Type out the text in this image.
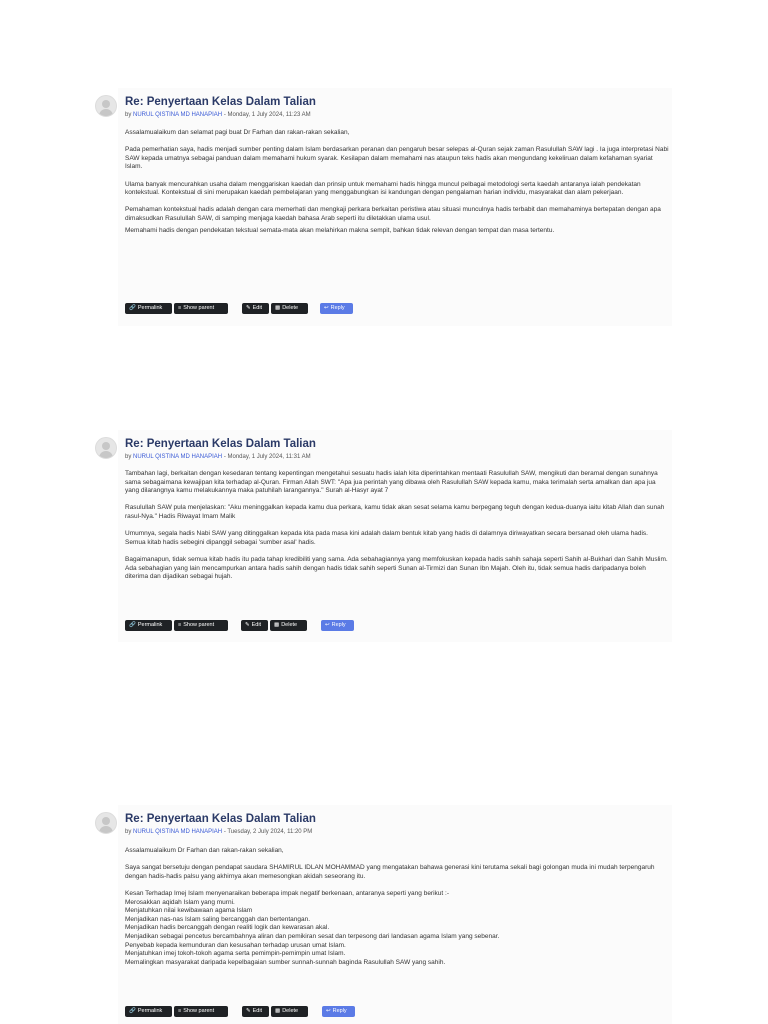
Re: Penyertaan Kelas Dalam Talian
by NURUL QISTINA MD HANAPIAH - Monday, 1 July 2024, 11:23 AM

Assalamualaikum dan selamat pagi buat Dr Farhan dan rakan-rakan sekalian,

Pada pemerhatian saya, hadis menjadi sumber penting dalam Islam berdasarkan peranan dan pengaruh besar selepas al-Quran sejak zaman Rasulullah SAW lagi . Ia juga interpretasi Nabi SAW kepada umatnya sebagai panduan dalam memahami hukum syarak. Kesilapan dalam memahami nas ataupun teks hadis akan mengundang kekeliruan dalam kefahaman syariat Islam.

Ulama banyak mencurahkan usaha dalam menggariskan kaedah dan prinsip untuk memahami hadis hingga muncul pelbagai metodologi serta kaedah antaranya ialah pendekatan kontekstual. Kontekstual di sini merupakan kaedah pembelajaran yang menggabungkan isi kandungan dengan pengalaman harian individu, masyarakat dan alam pekerjaan.

Pemahaman kontekstual hadis adalah dengan cara memerhati dan mengkaji perkara berkaitan peristiwa atau situasi munculnya hadis terbabit dan memahaminya bertepatan dengan apa dimaksudkan Rasulullah SAW, di samping menjaga kaedah bahasa Arab seperti itu diletakkan ulama usul.

Memahami hadis dengan pendekatan tekstual semata-mata akan melahirkan makna sempit, bahkan tidak relevan dengan tempat dan masa tertentu.

🔗 Permalink	≡ Show parent	✎ Edit	▩ Delete	↩ Reply
Re: Penyertaan Kelas Dalam Talian
by NURUL QISTINA MD HANAPIAH - Monday, 1 July 2024, 11:31 AM

Tambahan lagi, berkaitan dengan kesedaran tentang kepentingan mengetahui sesuatu hadis ialah kita diperintahkan mentaati Rasulullah SAW, mengikuti dan beramal dengan sunahnya sama sebagaimana kewajipan kita terhadap al-Quran. Firman Allah SWT: "Apa jua perintah yang dibawa oleh Rasulullah SAW kepada kamu, maka terimalah serta amalkan dan apa jua yang dilarangnya kamu melakukannya maka patuhilah larangannya." Surah al-Hasyr ayat 7

Rasulullah SAW pula menjelaskan: "Aku meninggalkan kepada kamu dua perkara, kamu tidak akan sesat selama kamu berpegang teguh dengan kedua-duanya iaitu kitab Allah dan sunah rasul-Nya." Hadis Riwayat Imam Malik

Umumnya, segala hadis Nabi SAW yang ditinggalkan kepada kita pada masa kini adalah dalam bentuk kitab yang hadis di dalamnya diriwayatkan secara bersanad oleh ulama hadis. Semua kitab hadis sebegini dipanggil sebagai 'sumber asal' hadis.

Bagaimanapun, tidak semua kitab hadis itu pada tahap kredibiliti yang sama. Ada sebahagiannya yang memfokuskan kepada hadis sahih sahaja seperti Sahih al-Bukhari dan Sahih Muslim. Ada sebahagian yang lain mencampurkan antara hadis sahih dengan hadis tidak sahih seperti Sunan al-Tirmizi dan Sunan Ibn Majah. Oleh itu, tidak semua hadis daripadanya boleh diterima dan dijadikan sebagai hujah.

🔗 Permalink	≡ Show parent	✎ Edit	▩ Delete	↩ Reply
Re: Penyertaan Kelas Dalam Talian
by NURUL QISTINA MD HANAPIAH - Tuesday, 2 July 2024, 11:20 PM

Assalamualaikum Dr Farhan dan rakan-rakan sekalian,

Saya sangat bersetuju dengan pendapat saudara SHAMIRUL IDLAN MOHAMMAD yang mengatakan bahawa generasi kini terutama sekali bagi golongan muda ini mudah terpengaruh dengan hadis-hadis palsu yang akhirnya akan memesongkan akidah seseorang itu.

Kesan Terhadap Imej Islam menyenaraikan beberapa impak negatif berkenaan, antaranya seperti yang berikut :-
Merosakkan aqidah Islam yang murni.
Menjatuhkan nilai kewibawaan agama Islam
Menjadikan nas-nas Islam saling bercanggah dan bertentangan.
Menjadikan hadis bercanggah dengan realiti logik dan kewarasan akal.
Menjadikan sebagai pencetus bercambahnya aliran dan pemikiran sesat dan terpesong dari landasan agama Islam yang sebenar.
Penyebab kepada kemunduran dan kesusahan terhadap urusan umat Islam.
Menjatuhkan imej tokoh-tokoh agama serta pemimpin-pemimpin umat Islam.
Memalingkan masyarakat daripada kepelbagaian sumber sunnah-sunnah baginda Rasulullah SAW yang sahih.
🔗 Permalink	≡ Show parent	✎ Edit	▩ Delete	↩ Reply
